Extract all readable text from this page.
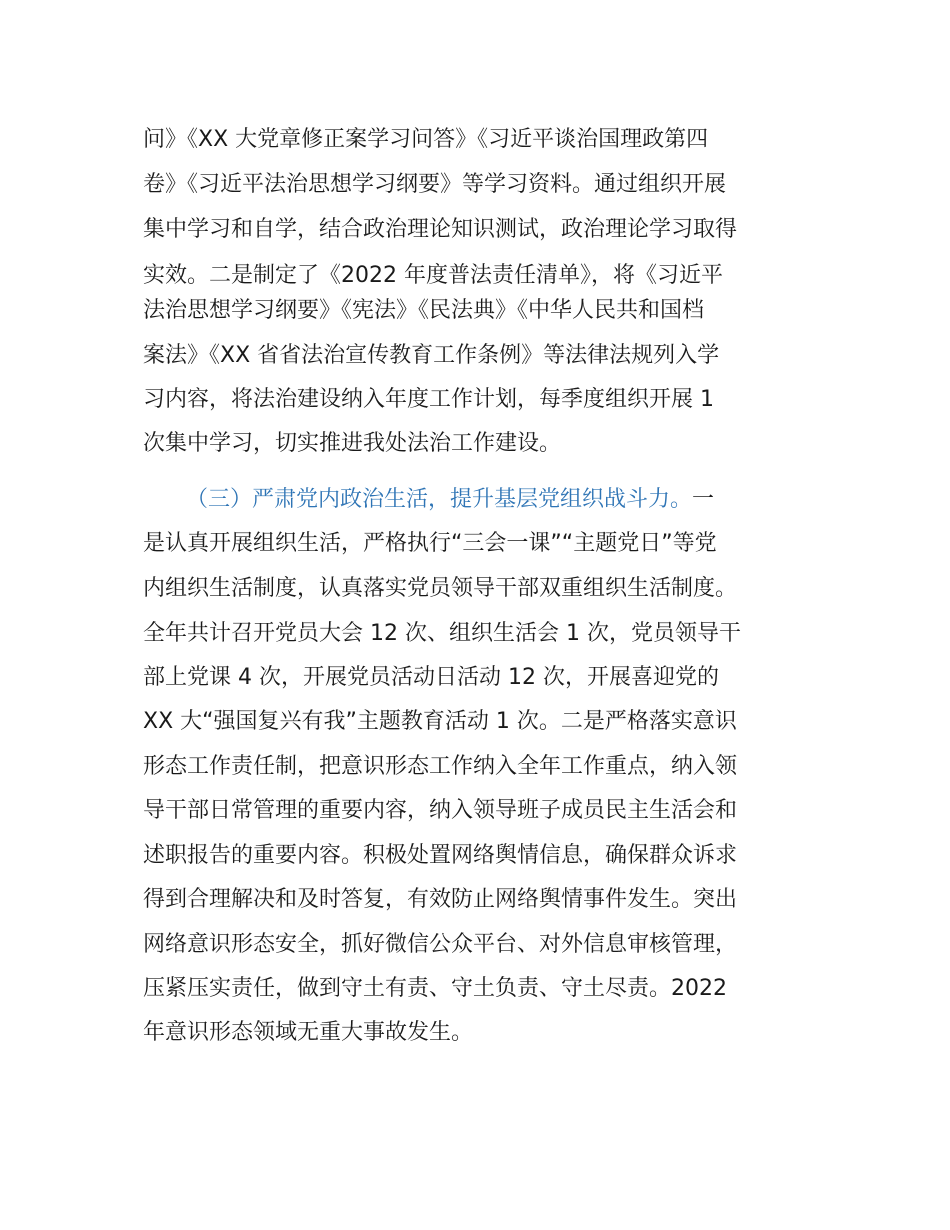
问》《XX 大党章修正案学习问答》《习近平谈治国理政第四
卷》《习近平法治思想学习纲要》等学习资料。通过组织开展
集中学习和自学，结合政治理论知识测试，政治理论学习取得
实效。二是制定了《2022 年度普法责任清单》，将《习近平
法治思想学习纲要》《宪法》《民法典》《中华人民共和国档
案法》《XX 省省法治宣传教育工作条例》等法律法规列入学
习内容，将法治建设纳入年度工作计划，每季度组织开展 1
次集中学习，切实推进我处法治工作建设。
（三）严肃党内政治生活，提升基层党组织战斗力。一
是认真开展组织生活，严格执行“三会一课”“主题党日”等党
内组织生活制度，认真落实党员领导干部双重组织生活制度。
全年共计召开党员大会 12 次、组织生活会 1 次，党员领导干
部上党课 4 次，开展党员活动日活动 12 次，开展喜迎党的
XX 大“强国复兴有我”主题教育活动 1 次。二是严格落实意识
形态工作责任制，把意识形态工作纳入全年工作重点，纳入领
导干部日常管理的重要内容，纳入领导班子成员民主生活会和
述职报告的重要内容。积极处置网络舆情信息，确保群众诉求
得到合理解决和及时答复，有效防止网络舆情事件发生。突出
网络意识形态安全，抓好微信公众平台、对外信息审核管理，
压紧压实责任，做到守土有责、守土负责、守土尽责。2022
年意识形态领域无重大事故发生。
